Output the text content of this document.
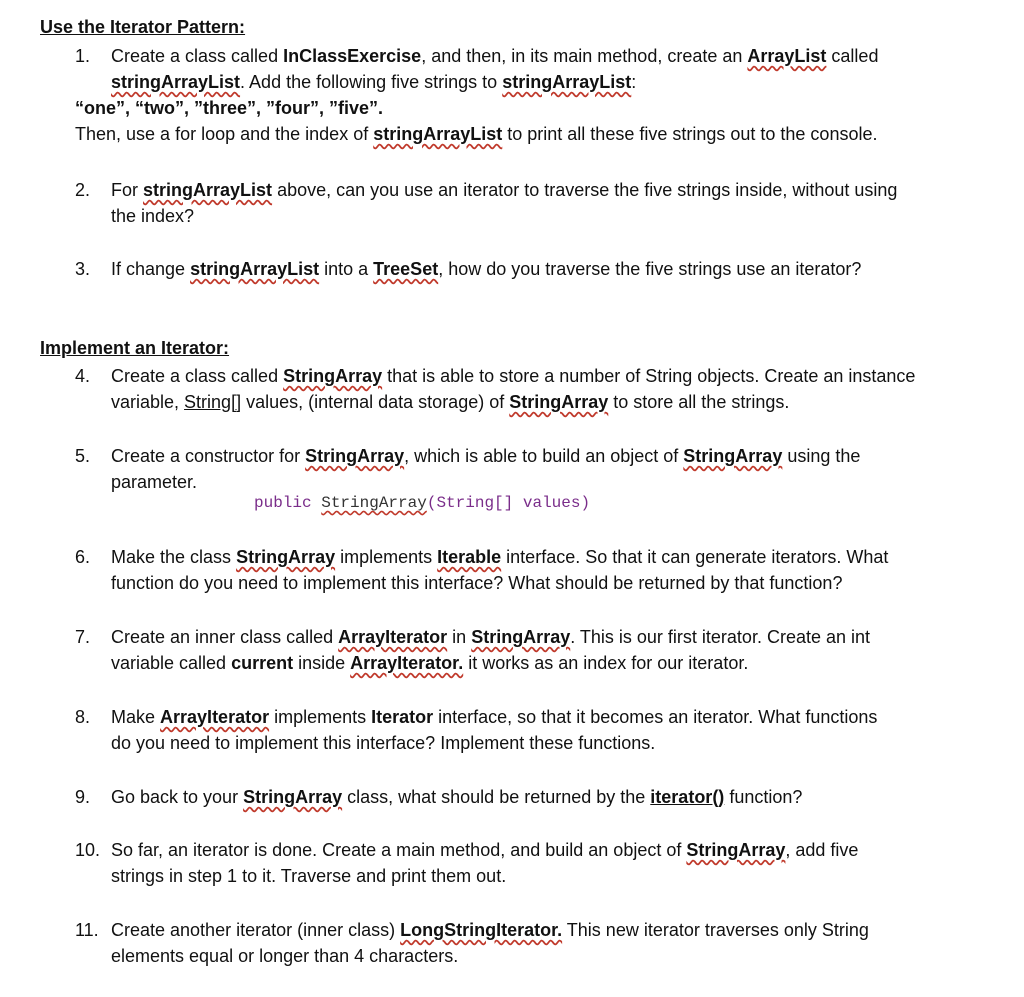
Use the Iterator Pattern:
1. Create a class called InClassExercise, and then, in its main method, create an ArrayList called
stringArrayList. Add the following five strings to stringArrayList:
“one”, “two”, ”three”, ”four”, ”five”.
Then, use a for loop and the index of stringArrayList to print all these five strings out to the console.
2. For stringArrayList above, can you use an iterator to traverse the five strings inside, without using
the index?
3. If change stringArrayList into a TreeSet, how do you traverse the five strings use an iterator?
Implement an Iterator:
4. Create a class called StringArray that is able to store a number of String objects. Create an instance
variable, String[] values, (internal data storage) of StringArray to store all the strings.
5. Create a constructor for StringArray, which is able to build an object of StringArray using the
parameter.
public StringArray(String[] values)
6. Make the class StringArray implements Iterable interface. So that it can generate iterators. What
function do you need to implement this interface? What should be returned by that function?
7. Create an inner class called ArrayIterator in StringArray. This is our first iterator. Create an int
variable called current inside ArrayIterator. it works as an index for our iterator.
8. Make ArrayIterator implements Iterator interface, so that it becomes an iterator. What functions
do you need to implement this interface? Implement these functions.
9. Go back to your StringArray class, what should be returned by the iterator() function?
10. So far, an iterator is done. Create a main method, and build an object of StringArray, add five
strings in step 1 to it. Traverse and print them out.
11. Create another iterator (inner class) LongStringIterator. This new iterator traverses only String
elements equal or longer than 4 characters.
